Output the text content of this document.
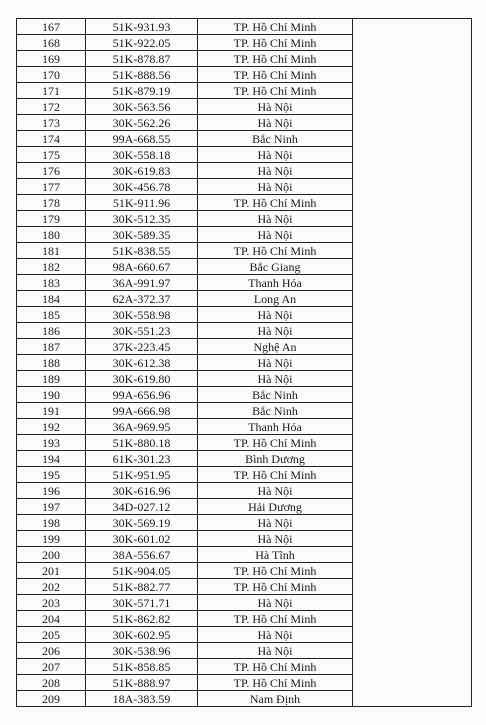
167	51K-931.93	TP. Hồ Chí Minh	
168	51K-922.05	TP. Hồ Chí Minh	
169	51K-878.87	TP. Hồ Chí Minh	
170	51K-888.56	TP. Hồ Chí Minh	
171	51K-879.19	TP. Hồ Chí Minh	
172	30K-563.56	Hà Nội	
173	30K-562.26	Hà Nội	
174	99A-668.55	Bắc Ninh	
175	30K-558.18	Hà Nội	
176	30K-619.83	Hà Nội	
177	30K-456.78	Hà Nội	
178	51K-911.96	TP. Hồ Chí Minh	
179	30K-512.35	Hà Nội	
180	30K-589.35	Hà Nội	
181	51K-838.55	TP. Hồ Chí Minh	
182	98A-660.67	Bắc Giang	
183	36A-991.97	Thanh Hóa	
184	62A-372.37	Long An	
185	30K-558.98	Hà Nội	
186	30K-551.23	Hà Nội	
187	37K-223.45	Nghệ An	
188	30K-612.38	Hà Nội	
189	30K-619.80	Hà Nội	
190	99A-656.96	Bắc Ninh	
191	99A-666.98	Bắc Ninh	
192	36A-969.95	Thanh Hóa	
193	51K-880.18	TP. Hồ Chí Minh	
194	61K-301.23	Bình Dương	
195	51K-951.95	TP. Hồ Chí Minh	
196	30K-616.96	Hà Nội	
197	34D-027.12	Hải Dương	
198	30K-569.19	Hà Nội	
199	30K-601.02	Hà Nội	
200	38A-556.67	Hà Tĩnh	
201	51K-904.05	TP. Hồ Chí Minh	
202	51K-882.77	TP. Hồ Chí Minh	
203	30K-571.71	Hà Nội	
204	51K-862.82	TP. Hồ Chí Minh	
205	30K-602.95	Hà Nội	
206	30K-538.96	Hà Nội	
207	51K-858.85	TP. Hồ Chí Minh	
208	51K-888.97	TP. Hồ Chí Minh	
209	18A-383.59	Nam Định	
